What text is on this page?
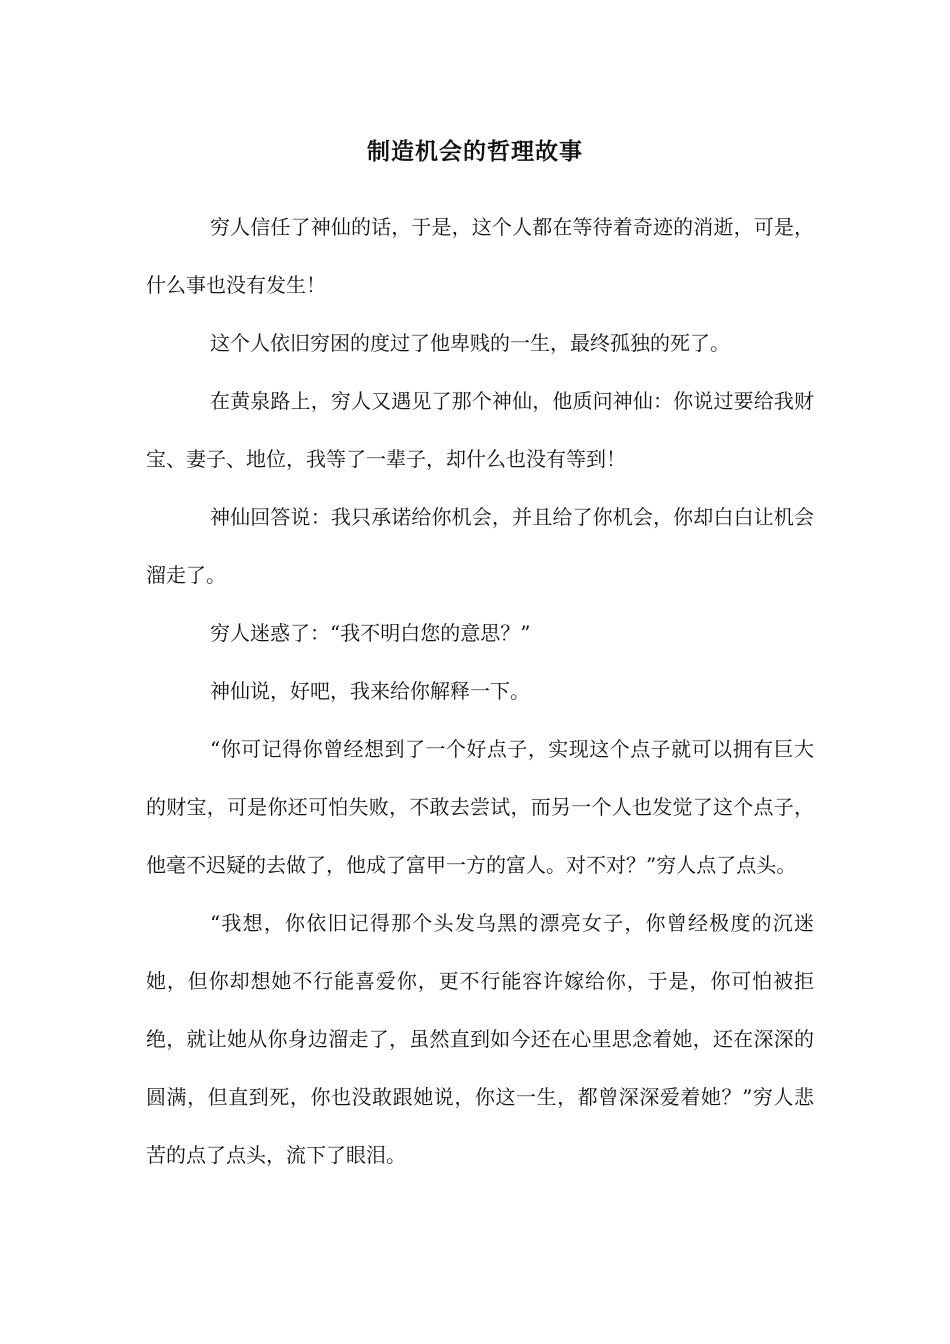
制造机会的哲理故事

穷人信任了神仙的话，于是，这个人都在等待着奇迹的消逝，可是，什么事也没有发生！

这个人依旧穷困的度过了他卑贱的一生，最终孤独的死了。

在黄泉路上，穷人又遇见了那个神仙，他质问神仙：你说过要给我财宝、妻子、地位，我等了一辈子，却什么也没有等到！

神仙回答说：我只承诺给你机会，并且给了你机会，你却白白让机会溜走了。

穷人迷惑了：“我不明白您的意思？”

神仙说，好吧，我来给你解释一下。

“你可记得你曾经想到了一个好点子，实现这个点子就可以拥有巨大的财宝，可是你还可怕失败，不敢去尝试，而另一个人也发觉了这个点子，他毫不迟疑的去做了，他成了富甲一方的富人。对不对？”穷人点了点头。

“我想，你依旧记得那个头发乌黑的漂亮女子，你曾经极度的沉迷她，但你却想她不行能喜爱你，更不行能容许嫁给你，于是，你可怕被拒绝，就让她从你身边溜走了，虽然直到如今还在心里思念着她，还在深深的圆满，但直到死，你也没敢跟她说，你这一生，都曾深深爱着她？”穷人悲苦的点了点头，流下了眼泪。
